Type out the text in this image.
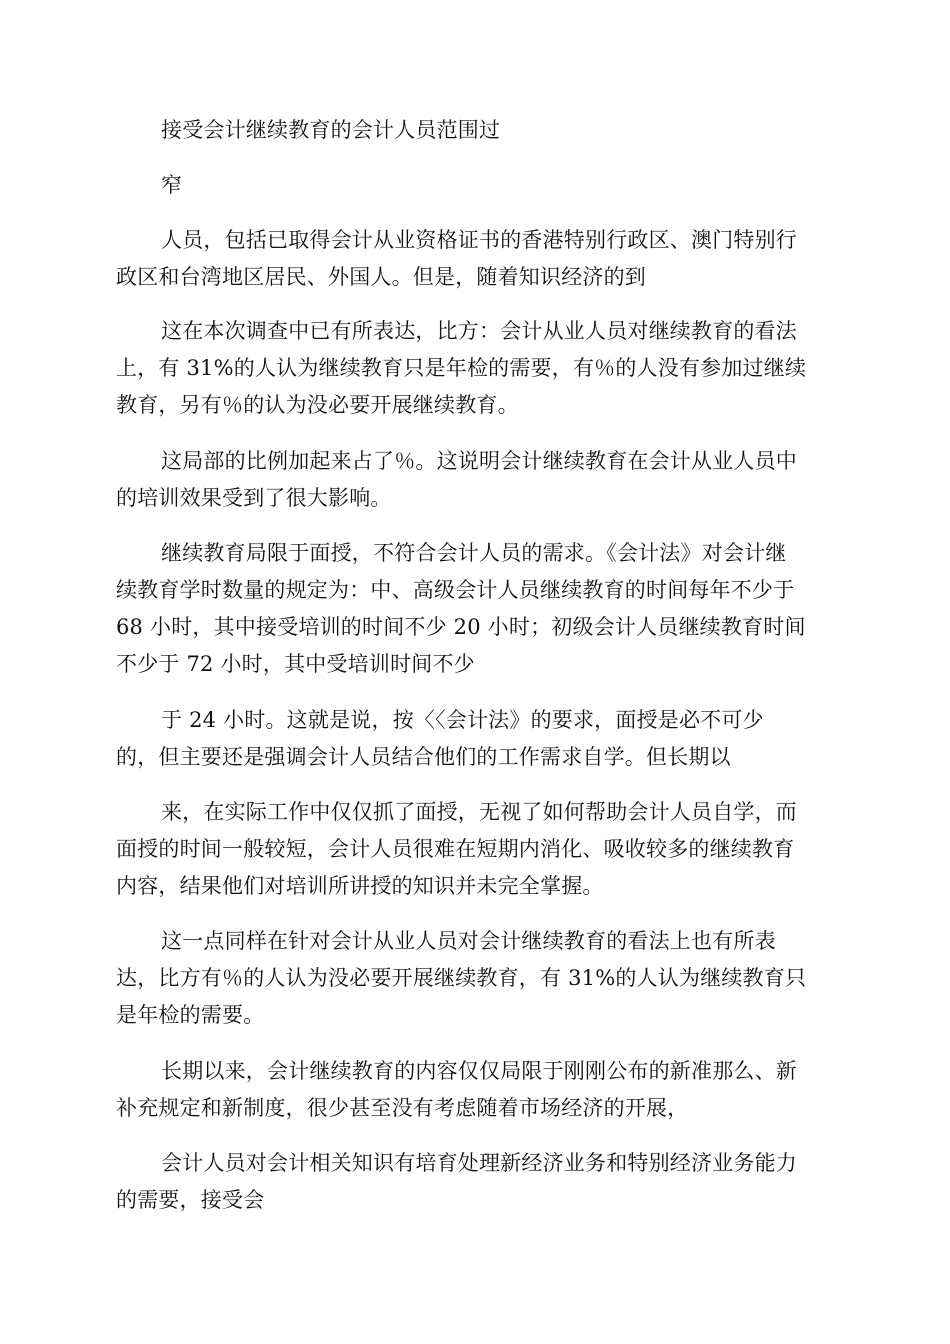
接受会计继续教育的会计人员范围过

窄

人员，包括已取得会计从业资格证书的香港特别行政区、澳门特别行
政区和台湾地区居民、外国人。但是，随着知识经济的到

这在本次调查中已有所表达，比方：会计从业人员对继续教育的看法
上，有 31%的人认为继续教育只是年检的需要，有％的人没有参加过继续
教育，另有％的认为没必要开展继续教育。

这局部的比例加起来占了％。这说明会计继续教育在会计从业人员中
的培训效果受到了很大影响。

继续教育局限于面授，不符合会计人员的需求。《会计法》对会计继
续教育学时数量的规定为：中、高级会计人员继续教育的时间每年不少于
68 小时，其中接受培训的时间不少 20 小时；初级会计人员继续教育时间
不少于 72 小时，其中受培训时间不少

于 24 小时。这就是说，按〈〈会计法》的要求，面授是必不可少
的，但主要还是强调会计人员结合他们的工作需求自学。但长期以

来，在实际工作中仅仅抓了面授，无视了如何帮助会计人员自学，而
面授的时间一般较短，会计人员很难在短期内消化、吸收较多的继续教育
内容，结果他们对培训所讲授的知识并未完全掌握。

这一点同样在针对会计从业人员对会计继续教育的看法上也有所表
达，比方有％的人认为没必要开展继续教育，有 31%的人认为继续教育只
是年检的需要。

长期以来，会计继续教育的内容仅仅局限于刚刚公布的新准那么、新
补充规定和新制度，很少甚至没有考虑随着市场经济的开展，

会计人员对会计相关知识有培育处理新经济业务和特别经济业务能力
的需要，接受会
